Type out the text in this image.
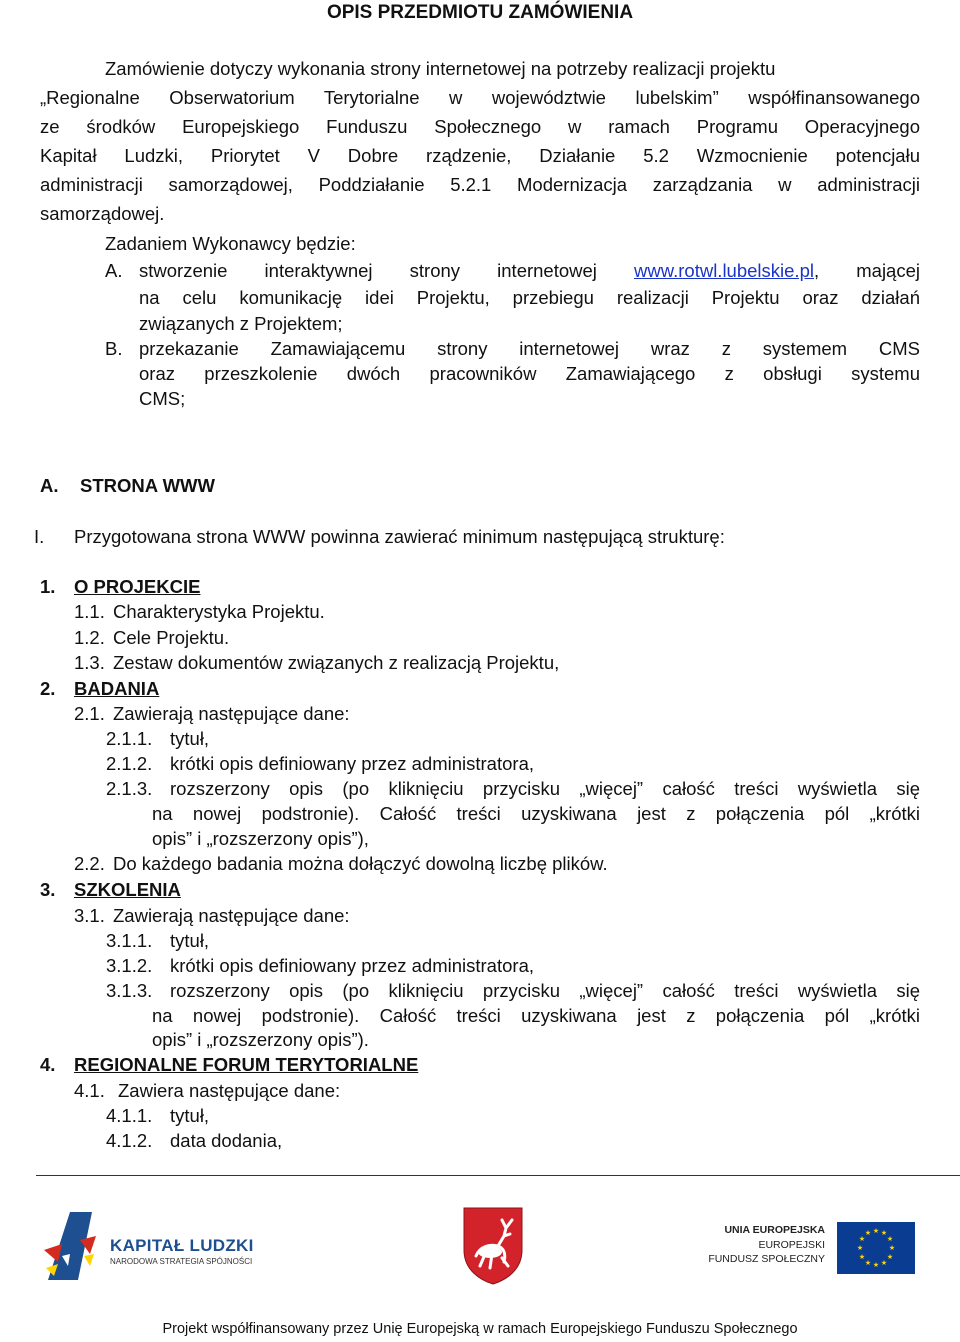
OPIS PRZEDMIOTU ZAMÓWIENIA
Zamówienie dotyczy wykonania strony internetowej na potrzeby realizacji projektu
„Regionalne Obserwatorium Terytorialne w województwie lubelskim” współfinansowanego
ze środków Europejskiego Funduszu Społecznego w ramach Programu Operacyjnego
Kapitał Ludzki, Priorytet V Dobre rządzenie, Działanie 5.2 Wzmocnienie potencjału
administracji samorządowej, Poddziałanie 5.2.1 Modernizacja zarządzania w administracji
samorządowej.
Zadaniem Wykonawcy będzie:
A. stworzenie interaktywnej strony internetowej www.rotwl.lubelskie.pl, mającej
na celu komunikację idei Projektu, przebiegu realizacji Projektu oraz działań
związanych z Projektem;
B. przekazanie Zamawiającemu strony internetowej wraz z systemem CMS
oraz przeszkolenie dwóch pracowników Zamawiającego z obsługi systemu
CMS;
A. STRONA WWW
I. Przygotowana strona WWW powinna zawierać minimum następującą strukturę:
1. O PROJEKCIE
1.1. Charakterystyka Projektu.
1.2. Cele Projektu.
1.3. Zestaw dokumentów związanych z realizacją Projektu,
2. BADANIA
2.1. Zawierają następujące dane:
2.1.1. tytuł,
2.1.2. krótki opis definiowany przez administratora,
2.1.3. rozszerzony opis (po kliknięciu przycisku „więcej” całość treści wyświetla się
na nowej podstronie). Całość treści uzyskiwana jest z połączenia pól „krótki
opis” i „rozszerzony opis”),
2.2. Do każdego badania można dołączyć dowolną liczbę plików.
3. SZKOLENIA
3.1. Zawierają następujące dane:
3.1.1. tytuł,
3.1.2. krótki opis definiowany przez administratora,
3.1.3. rozszerzony opis (po kliknięciu przycisku „więcej” całość treści wyświetla się
na nowej podstronie). Całość treści uzyskiwana jest z połączenia pól „krótki
opis” i „rozszerzony opis”).
4. REGIONALNE FORUM TERYTORIALNE
4.1. Zawiera następujące dane:
4.1.1. tytuł,
4.1.2. data dodania,
KAPITAŁ LUDZKI
NARODOWA STRATEGIA SPÓJNOŚCI
UNIA EUROPEJSKA
EUROPEJSKI
FUNDUSZ SPOŁECZNY
★ ★
★
★
★
★
★
★
★
★
★
★
Projekt współfinansowany przez Unię Europejską w ramach Europejskiego Funduszu Społecznego
